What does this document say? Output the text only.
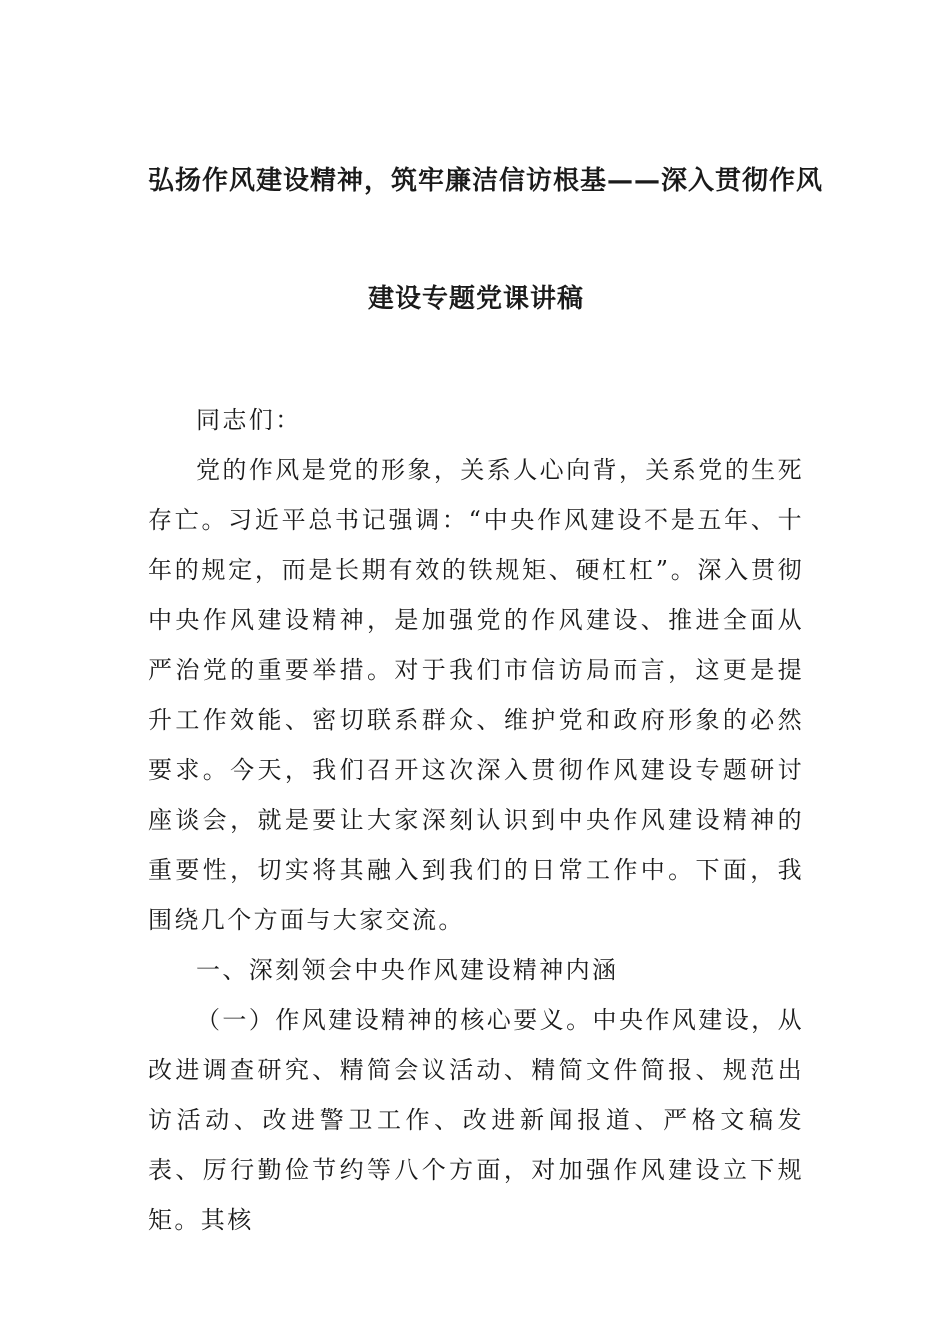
弘扬作风建设精神，筑牢廉洁信访根基——深入贯彻作风
建设专题党课讲稿

同志们：

党的作风是党的形象，关系人心向背，关系党的生死存亡。习近平总书记强调：“中央作风建设不是五年、十年的规定，而是长期有效的铁规矩、硬杠杠”。深入贯彻中央作风建设精神，是加强党的作风建设、推进全面从严治党的重要举措。对于我们市信访局而言，这更是提升工作效能、密切联系群众、维护党和政府形象的必然要求。今天，我们召开这次深入贯彻作风建设专题研讨座谈会，就是要让大家深刻认识到中央作风建设精神的重要性，切实将其融入到我们的日常工作中。下面，我围绕几个方面与大家交流。

一、深刻领会中央作风建设精神内涵

（一）作风建设精神的核心要义。中央作风建设，从改进调查研究、精简会议活动、精简文件简报、规范出访活动、改进警卫工作、改进新闻报道、严格文稿发表、厉行勤俭节约等八个方面，对加强作风建设立下规矩。其核
